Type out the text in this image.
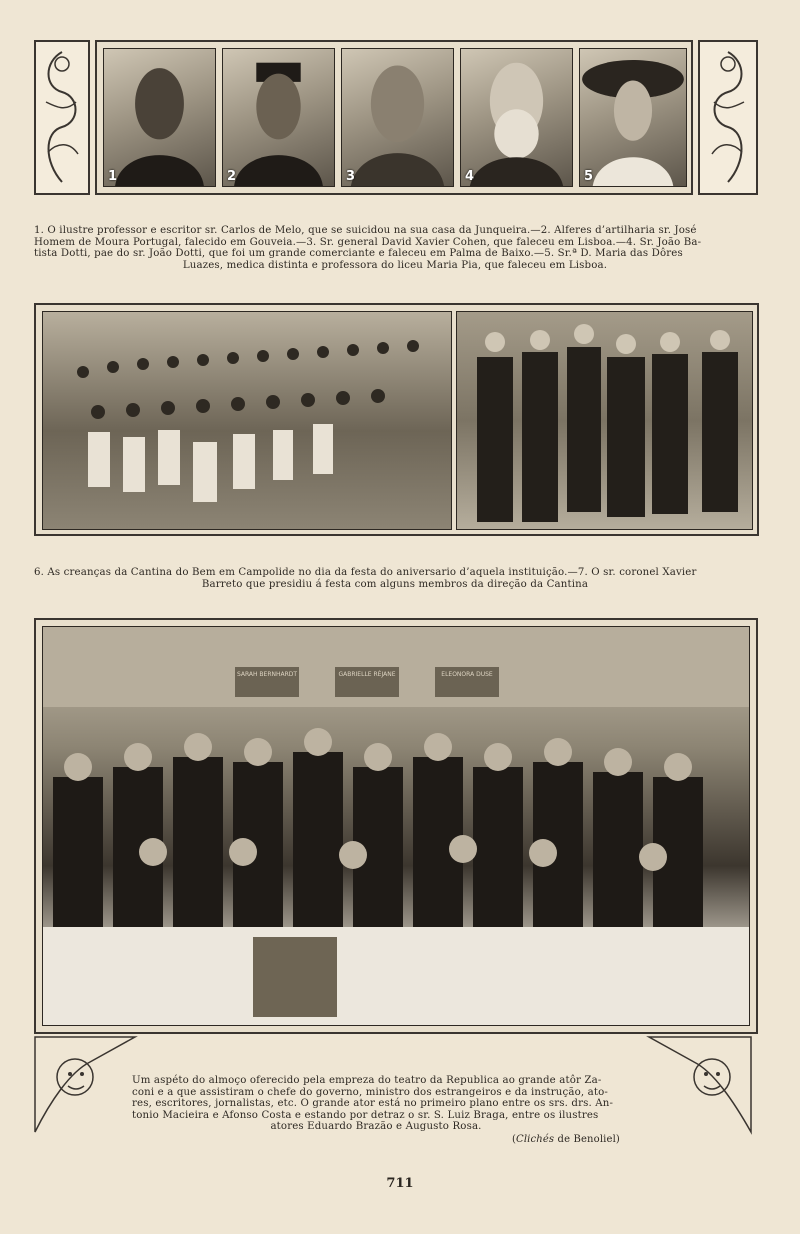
1	2	3	4	5
1. O ilustre professor e escritor sr. Carlos de Melo, que se suicidou na sua casa da Junqueira.—2. Alferes d’artilharia sr. José
Homem de Moura Portugal, falecido em Gouveia.—3. Sr. general David Xavier Cohen, que faleceu em Lisboa.—4. Sr. João Ba-
tista Dotti, pae do sr. João Dotti, que foi um grande comerciante e faleceu em Palma de Baixo.—5. Sr.ª D. Maria das Dôres
Luazes, medica distinta e professora do liceu Maria Pia, que faleceu em Lisboa.
6. As creanças da Cantina do Bem em Campolide no dia da festa do aniversario d’aquela instituição.—7. O sr. coronel Xavier
Barreto que presidiu á festa com alguns membros da direção da Cantina
SARAH BERNHARDT	GABRIELLE RÉJANE	ELEONORA DUSE
Um aspéto do almoço oferecido pela empreza do teatro da Republica ao grande atôr Za-
coni e a que assistiram o chefe do governo, ministro dos estrangeiros e da instrução, ato-
res, escritores, jornalistas, etc. O grande ator está no primeiro plano entre os srs. drs. An-
tonio Macieira e Afonso Costa e estando por detraz o sr. S. Luiz Braga, entre os ilustres
atores Eduardo Brazão e Augusto Rosa.
(Clichés de Benoliel)
711
